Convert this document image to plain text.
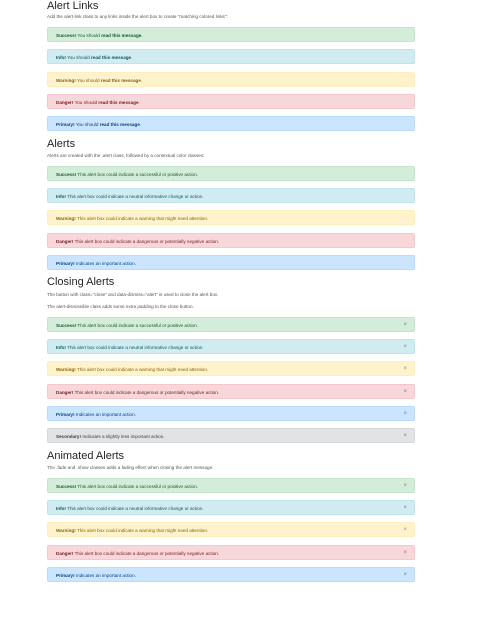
Alert Links

Add the alert-link class to any links inside the alert box to create "matching colored links":

Success! You should read this message.
Info! You should read this message.
Warning! You should read this message.
Danger! You should read this message.
Primary! You should read this message.
Alerts

Alerts are created with the .alert class, followed by a contextual color classes:

Success! This alert box could indicate a successful or positive action.
Info! This alert box could indicate a neutral informative change or action.
Warning! This alert box could indicate a warning that might need attention.
Danger! This alert box could indicate a dangerous or potentially negative action.
Primary! Indicates an important action.
Closing Alerts

The button with class="close" and data-dismiss="alert" is used to close the alert box.

The alert-dismissible class adds some extra padding to the close button.

Success! This alert box could indicate a successful or positive action.	×
Info! This alert box could indicate a neutral informative change or action.	×
Warning! This alert box could indicate a warning that might need attention.	×
Danger! This alert box could indicate a dangerous or potentially negative action.	×
Primary! Indicates an important action.	×
Secondary! Indicates a slightly less important action.	×
Animated Alerts

The .fade and .show classes adds a fading effect when closing the alert message.

Success! This alert box could indicate a successful or positive action.	×
Info! This alert box could indicate a neutral informative change or action.	×
Warning! This alert box could indicate a warning that might need attention.	×
Danger! This alert box could indicate a dangerous or potentially negative action.	×
Primary! Indicates an important action.	×
